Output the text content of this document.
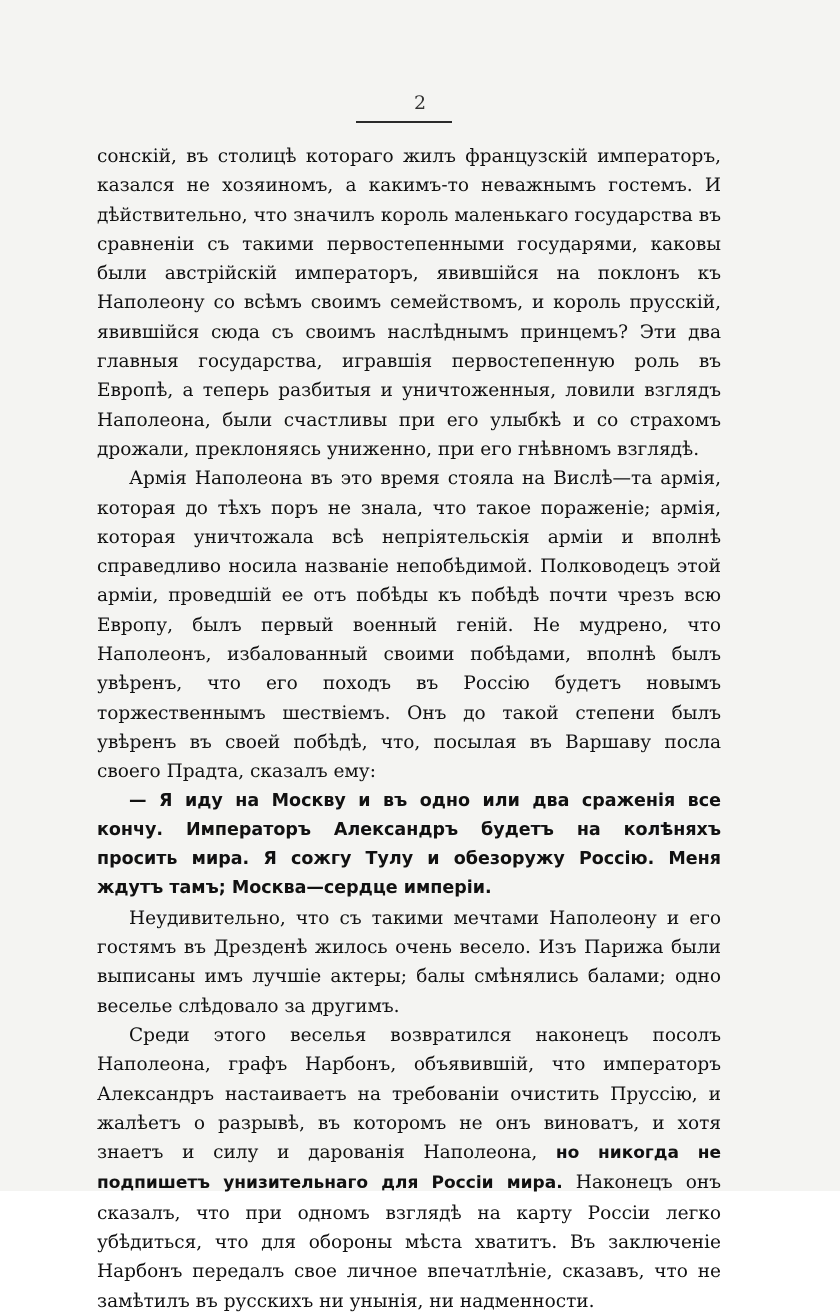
2

сонскій, въ столицѣ котораго жилъ французскій императоръ, казался не хозяиномъ, а какимъ-то неважнымъ гостемъ. И дѣйствительно, что значилъ король маленькаго государства въ сравненіи съ такими первостепенными государями, каковы были австрійскій императоръ, явившійся на поклонъ къ Наполеону со всѣмъ своимъ семействомъ, и король прусскій, явившійся сюда съ своимъ наслѣднымъ принцемъ? Эти два главныя государства, игравшія первостепенную роль въ Европѣ, а теперь разбитыя и уничтоженныя, ловили взглядъ Наполеона, были счастливы при его улыбкѣ и со страхомъ дрожали, преклоняясь униженно, при его гнѣвномъ взглядѣ.

Армія Наполеона въ это время стояла на Вислѣ—та армія, которая до тѣхъ поръ не знала, что такое пораженіе; армія, которая уничтожала всѣ непріятельскія арміи и вполнѣ справедливо носила названіе непобѣдимой. Полководецъ этой арміи, проведшій ее отъ побѣды къ побѣдѣ почти чрезъ всю Европу, былъ первый военный геній. Не мудрено, что Наполеонъ, избалованный своими побѣдами, вполнѣ былъ увѣренъ, что его походъ въ Россію будетъ новымъ торжественнымъ шествіемъ. Онъ до такой степени былъ увѣренъ въ своей побѣдѣ, что, посылая въ Варшаву посла своего Прадта, сказалъ ему:

— Я иду на Москву и въ одно или два сраженія все кончу. Императоръ Александръ будетъ на колѣняхъ просить мира. Я сожгу Тулу и обезоружу Россію. Меня ждутъ тамъ; Москва—сердце имперіи.

Неудивительно, что съ такими мечтами Наполеону и его гостямъ въ Дрезденѣ жилось очень весело. Изъ Парижа были выписаны имъ лучшіе актеры; балы смѣнялись балами; одно веселье слѣдовало за другимъ.

Среди этого веселья возвратился наконецъ посолъ Наполеона, графъ Нарбонъ, объявившій, что императоръ Александръ настаиваетъ на требованіи очистить Пруссію, и жалѣетъ о разрывѣ, въ которомъ не онъ виноватъ, и хотя знаетъ и силу и дарованія Наполеона, но никогда не подпишетъ унизительнаго для Россіи мира. Наконецъ онъ сказалъ, что при одномъ взглядѣ на карту Россіи легко убѣдиться, что для обороны мѣста хватитъ. Въ заключеніе Нарбонъ передалъ свое личное впечатлѣніе, сказавъ, что не замѣтилъ въ русскихъ ни унынія, ни надменности.
